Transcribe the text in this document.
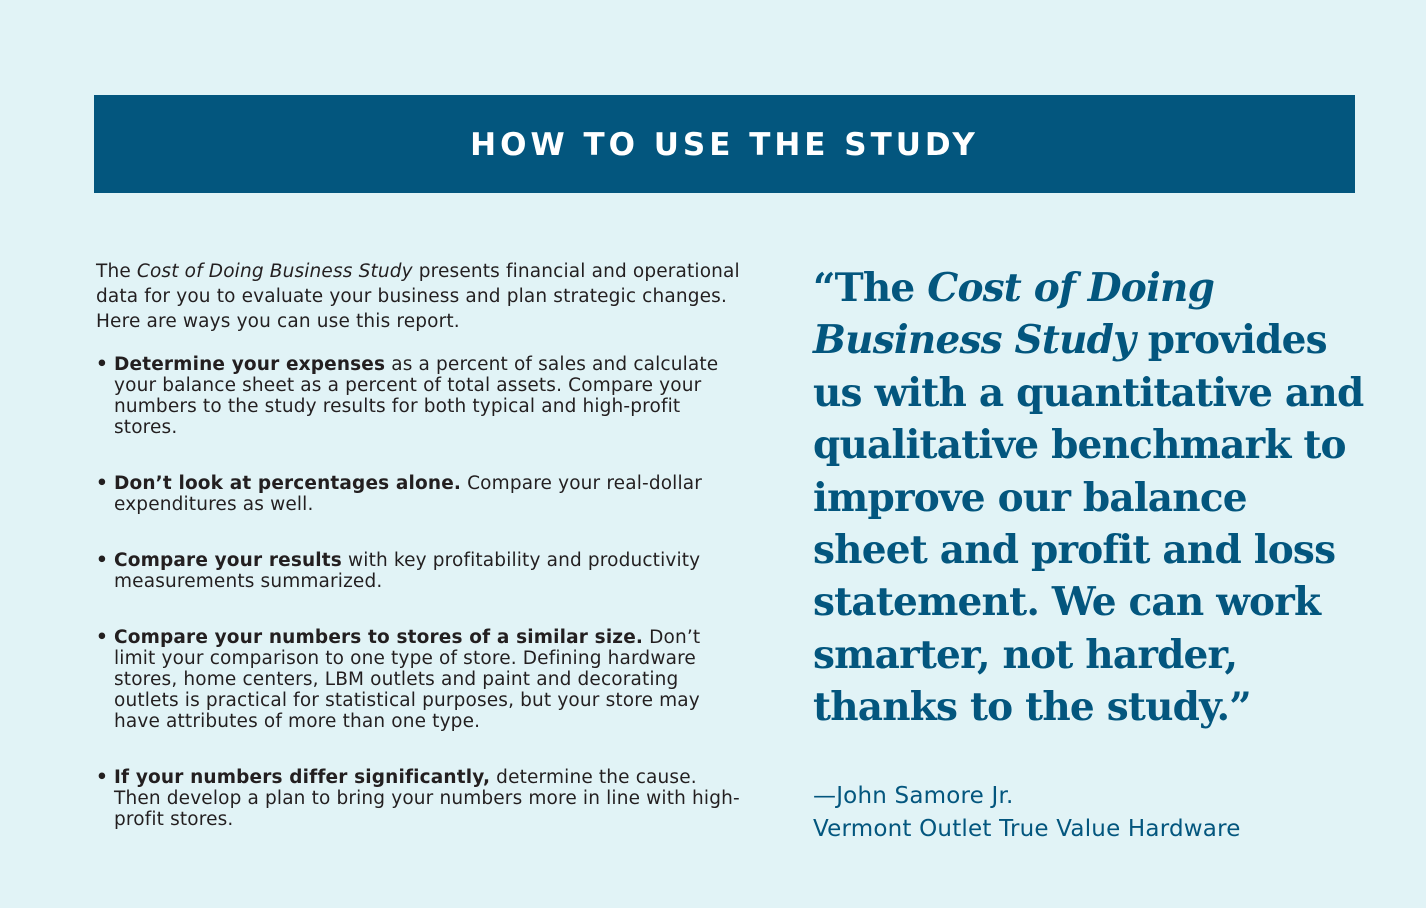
HOW TO USE THE STUDY

The Cost of Doing Business Study presents financial and operational data for you to evaluate your business and plan strategic changes. Here are ways you can use this report.

• Determine your expenses as a percent of sales and calculate your balance sheet as a percent of total assets. Compare your numbers to the study results for both typical and high-profit stores.
• Don’t look at percentages alone. Compare your real-dollar expenditures as well.
• Compare your results with key profitability and productivity measurements summarized.
• Compare your numbers to stores of a similar size. Don’t limit your comparison to one type of store. Defining hardware stores, home centers, LBM outlets and paint and decorating outlets is practical for statistical purposes, but your store may have attributes of more than one type.
• If your numbers differ significantly, determine the cause. Then develop a plan to bring your numbers more in line with high-profit stores.

“The Cost of Doing Business Study provides us with a quantitative and qualitative benchmark to improve our balance sheet and profit and loss statement. We can work smarter, not harder, thanks to the study.”

—John Samore Jr.
Vermont Outlet True Value Hardware
